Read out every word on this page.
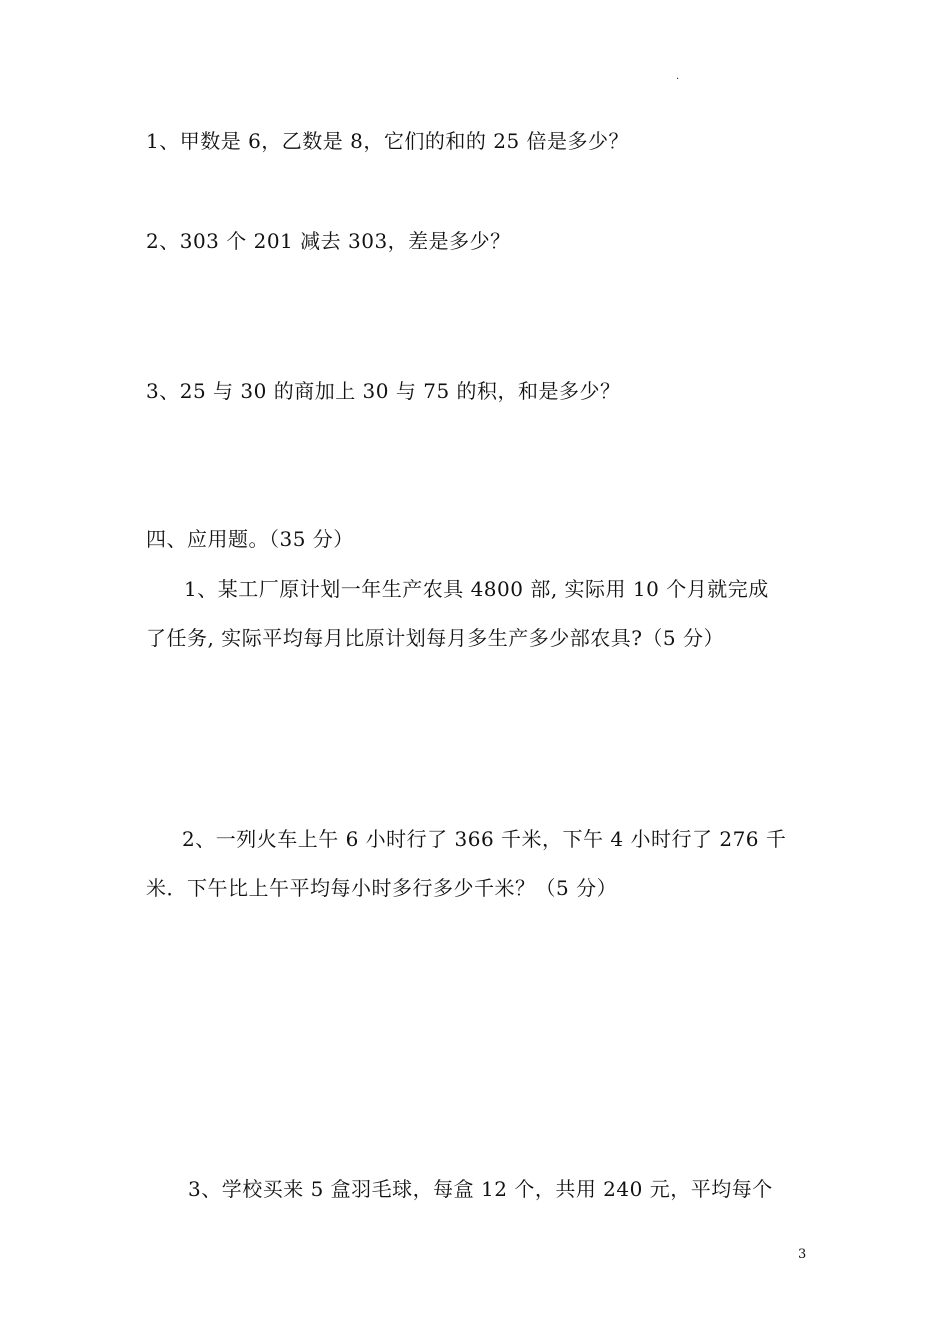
.
1、甲数是 6，乙数是 8，它们的和的 25 倍是多少？
2、303 个 201 减去 303，差是多少？
3、25 与 30 的商加上 30 与 75 的积，和是多少？
四、应用题。（35 分）
1、某工厂原计划一年生产农具 4800 部, 实际用 10 个月就完成
了任务, 实际平均每月比原计划每月多生产多少部农具?（5 分）
2、一列火车上午 6 小时行了 366 千米，下午 4 小时行了 276 千
米．下午比上午平均每小时多行多少千米？（5 分）
3、学校买来 5 盒羽毛球，每盒 12 个，共用 240 元，平均每个
3
